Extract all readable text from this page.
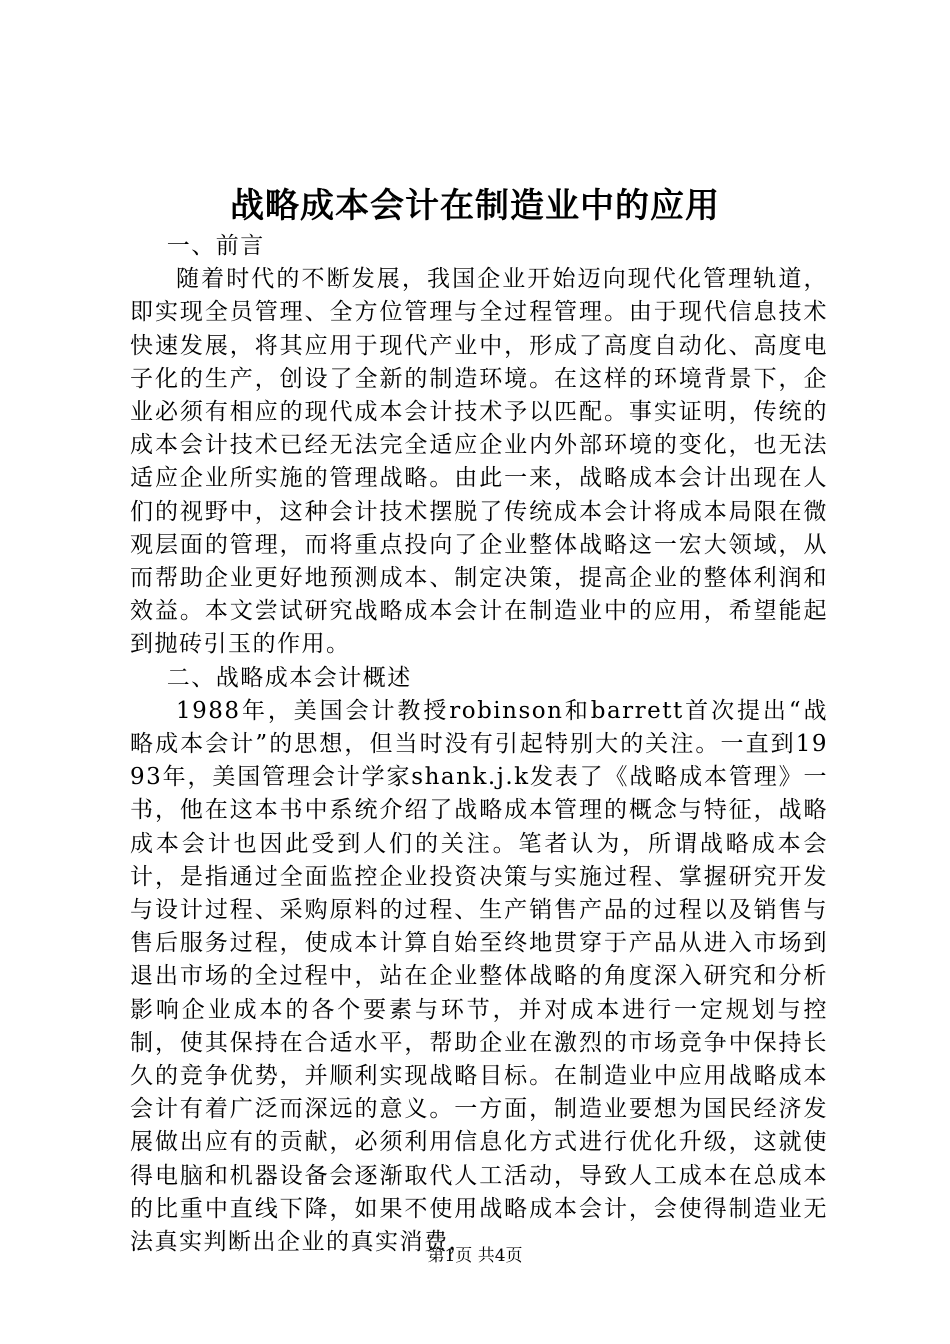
战略成本会计在制造业中的应用

一、前言

随着时代的不断发展，我国企业开始迈向现代化管理轨道，即实现全员管理、全方位管理与全过程管理。由于现代信息技术快速发展，将其应用于现代产业中，形成了高度自动化、高度电子化的生产，创设了全新的制造环境。在这样的环境背景下，企业必须有相应的现代成本会计技术予以匹配。事实证明，传统的成本会计技术已经无法完全适应企业内外部环境的变化，也无法适应企业所实施的管理战略。由此一来，战略成本会计出现在人们的视野中，这种会计技术摆脱了传统成本会计将成本局限在微观层面的管理，而将重点投向了企业整体战略这一宏大领域，从而帮助企业更好地预测成本、制定决策，提高企业的整体利润和效益。本文尝试研究战略成本会计在制造业中的应用，希望能起到抛砖引玉的作用。

二、战略成本会计概述

1988年，美国会计教授robinson和barrett首次提出“战略成本会计”的思想，但当时没有引起特别大的关注。一直到1993年，美国管理会计学家shank.j.k发表了《战略成本管理》一书，他在这本书中系统介绍了战略成本管理的概念与特征，战略成本会计也因此受到人们的关注。笔者认为，所谓战略成本会计，是指通过全面监控企业投资决策与实施过程、掌握研究开发与设计过程、采购原料的过程、生产销售产品的过程以及销售与售后服务过程，使成本计算自始至终地贯穿于产品从进入市场到退出市场的全过程中，站在企业整体战略的角度深入研究和分析影响企业成本的各个要素与环节，并对成本进行一定规划与控制，使其保持在合适水平，帮助企业在激烈的市场竞争中保持长久的竞争优势，并顺利实现战略目标。在制造业中应用战略成本会计有着广泛而深远的意义。一方面，制造业要想为国民经济发展做出应有的贡献，必须利用信息化方式进行优化升级，这就使得电脑和机器设备会逐渐取代人工活动，导致人工成本在总成本的比重中直线下降，如果不使用战略成本会计，会使得制造业无法真实判断出企业的真实消费，

第1页 共4页
